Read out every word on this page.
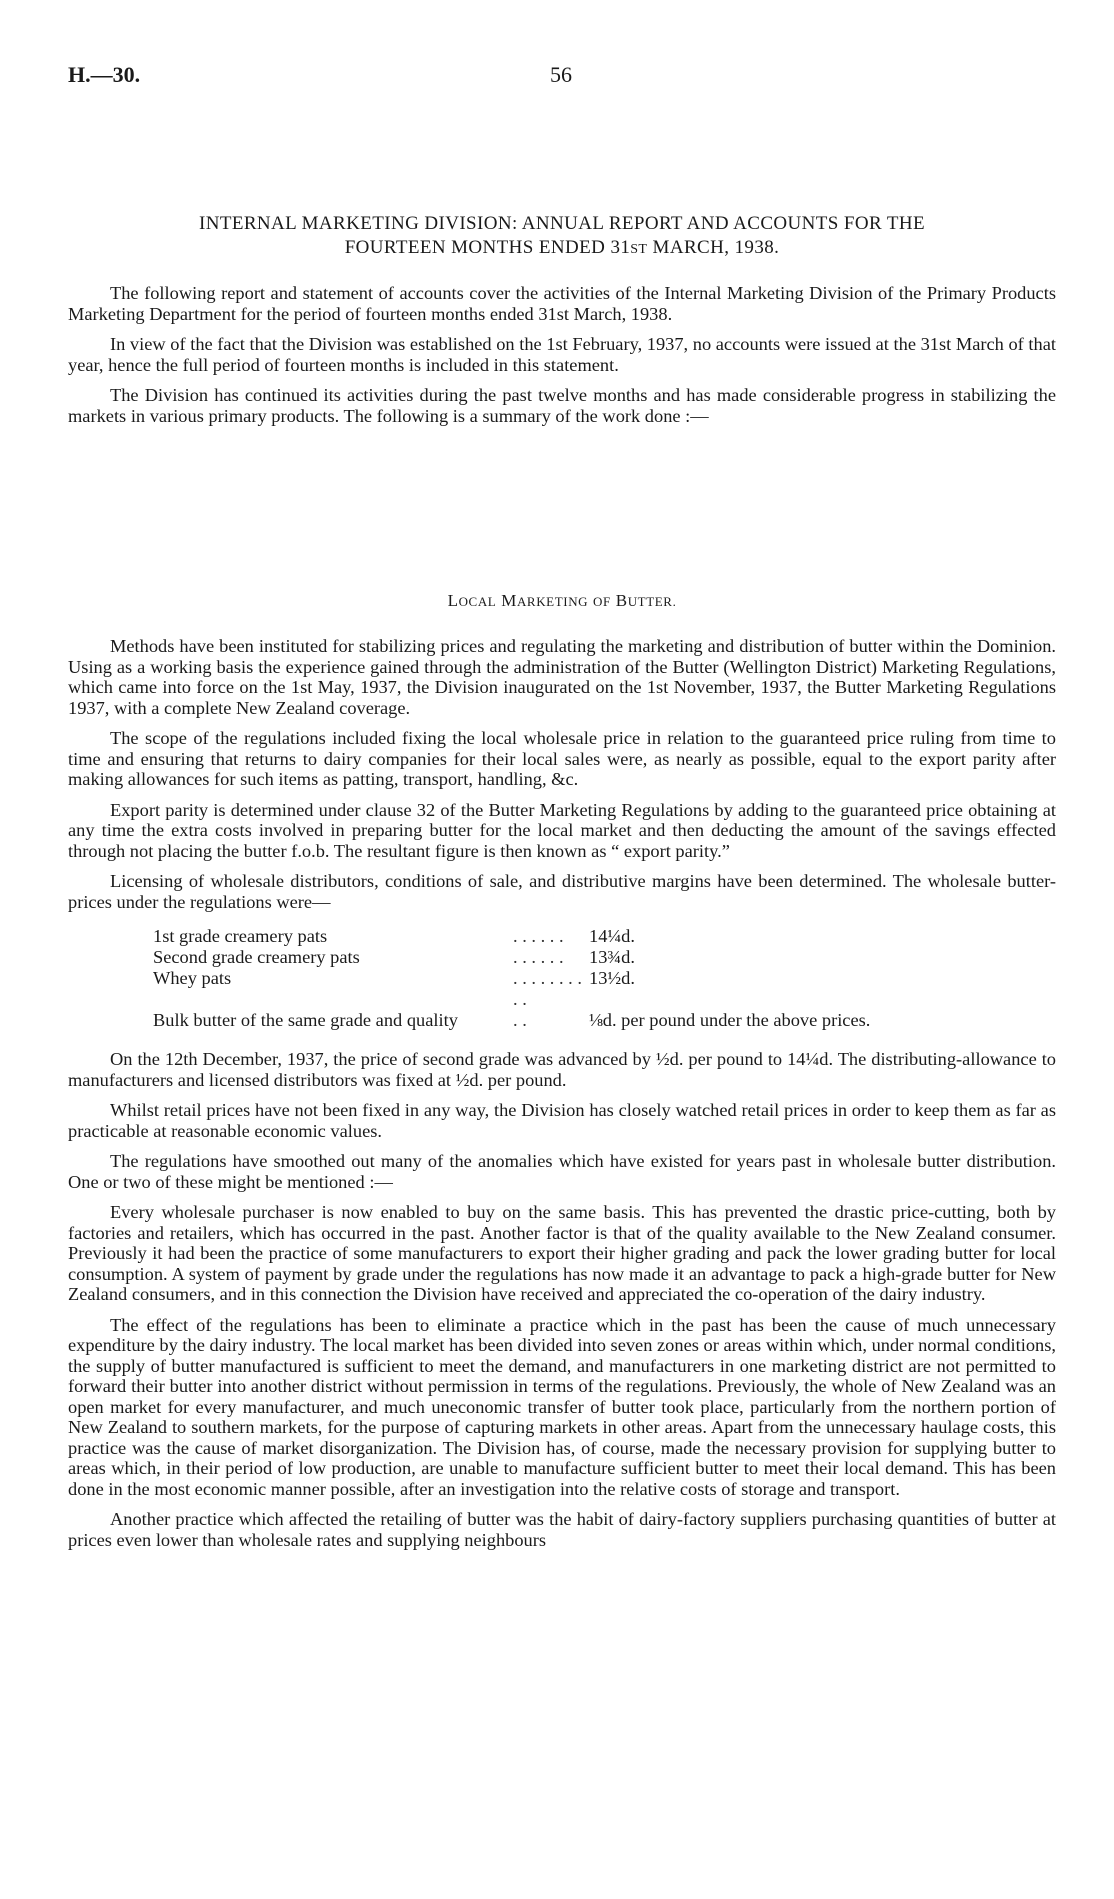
H.—30.	56
INTERNAL MARKETING DIVISION: ANNUAL REPORT AND ACCOUNTS FOR THE
FOURTEEN MONTHS ENDED 31ST MARCH, 1938.

The following report and statement of accounts cover the activities of the Internal Marketing Division of the Primary Products Marketing Department for the period of fourteen months ended 31st March, 1938.

In view of the fact that the Division was established on the 1st February, 1937, no accounts were issued at the 31st March of that year, hence the full period of fourteen months is included in this statement.

The Division has continued its activities during the past twelve months and has made considerable progress in stabilizing the markets in various primary products. The following is a summary of the work done :—

LOCAL MARKETING OF BUTTER.

Methods have been instituted for stabilizing prices and regulating the marketing and distribution of butter within the Dominion. Using as a working basis the experience gained through the administration of the Butter (Wellington District) Marketing Regulations, which came into force on the 1st May, 1937, the Division inaugurated on the 1st November, 1937, the Butter Marketing Regulations 1937, with a complete New Zealand coverage.

The scope of the regulations included fixing the local wholesale price in relation to the guaranteed price ruling from time to time and ensuring that returns to dairy companies for their local sales were, as nearly as possible, equal to the export parity after making allowances for such items as patting, transport, handling, &c.

Export parity is determined under clause 32 of the Butter Marketing Regulations by adding to the guaranteed price obtaining at any time the extra costs involved in preparing butter for the local market and then deducting the amount of the savings effected through not placing the butter f.o.b. The resultant figure is then known as “ export parity.”

Licensing of wholesale distributors, conditions of sale, and distributive margins have been determined. The wholesale butter-prices under the regulations were—

1st grade creamery pats	. . . . . .	14¼d.
Second grade creamery pats	. . . . . .	13¾d.
Whey pats	. . . . . . . . . .	13½d.
Bulk butter of the same grade and quality	. .	⅛d. per pound under the above prices.

On the 12th December, 1937, the price of second grade was advanced by ½d. per pound to 14¼d. The distributing-allowance to manufacturers and licensed distributors was fixed at ½d. per pound.

Whilst retail prices have not been fixed in any way, the Division has closely watched retail prices in order to keep them as far as practicable at reasonable economic values.

The regulations have smoothed out many of the anomalies which have existed for years past in wholesale butter distribution. One or two of these might be mentioned :—

Every wholesale purchaser is now enabled to buy on the same basis. This has prevented the drastic price-cutting, both by factories and retailers, which has occurred in the past. Another factor is that of the quality available to the New Zealand consumer. Previously it had been the practice of some manufacturers to export their higher grading and pack the lower grading butter for local consumption. A system of payment by grade under the regulations has now made it an advantage to pack a high-grade butter for New Zealand consumers, and in this connection the Division have received and appreciated the co-operation of the dairy industry.

The effect of the regulations has been to eliminate a practice which in the past has been the cause of much unnecessary expenditure by the dairy industry. The local market has been divided into seven zones or areas within which, under normal conditions, the supply of butter manufactured is sufficient to meet the demand, and manufacturers in one marketing district are not permitted to forward their butter into another district without permission in terms of the regulations. Previously, the whole of New Zealand was an open market for every manufacturer, and much uneconomic transfer of butter took place, particularly from the northern portion of New Zealand to southern markets, for the purpose of capturing markets in other areas. Apart from the unnecessary haulage costs, this practice was the cause of market disorganization. The Division has, of course, made the necessary provision for supplying butter to areas which, in their period of low production, are unable to manufacture sufficient butter to meet their local demand. This has been done in the most economic manner possible, after an investigation into the relative costs of storage and transport.

Another practice which affected the retailing of butter was the habit of dairy-factory suppliers purchasing quantities of butter at prices even lower than wholesale rates and supplying neighbours
